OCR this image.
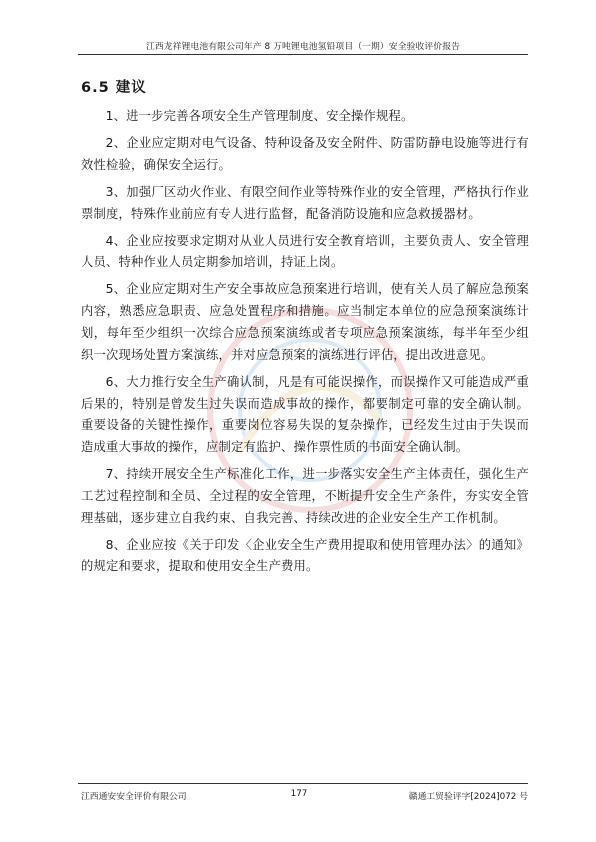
江西龙祥锂电池有限公司年产 8 万吨锂电池氢铅项目（一期）安全验收评价报告
6.5 建议

1、进一步完善各项安全生产管理制度、安全操作规程。

2、企业应定期对电气设备、特种设备及安全附件、防雷防静电设施等进行有效性检验，确保安全运行。

3、加强厂区动火作业、有限空间作业等特殊作业的安全管理，严格执行作业票制度，特殊作业前应有专人进行监督，配备消防设施和应急救援器材。

4、企业应按要求定期对从业人员进行安全教育培训，主要负责人、安全管理人员、特种作业人员定期参加培训，持证上岗。

5、企业应定期对生产安全事故应急预案进行培训，使有关人员了解应急预案内容，熟悉应急职责、应急处置程序和措施。应当制定本单位的应急预案演练计划，每年至少组织一次综合应急预案演练或者专项应急预案演练，每半年至少组织一次现场处置方案演练，并对应急预案的演练进行评估，提出改进意见。

6、大力推行安全生产确认制，凡是有可能误操作，而误操作又可能造成严重后果的，特别是曾发生过失误而造成事故的操作，都要制定可靠的安全确认制。重要设备的关键性操作，重要岗位容易失误的复杂操作，已经发生过由于失误而造成重大事故的操作，应制定有监护、操作票性质的书面安全确认制。

7、持续开展安全生产标准化工作，进一步落实安全生产主体责任，强化生产工艺过程控制和全员、全过程的安全管理，不断提升安全生产条件，夯实安全管理基础，逐步建立自我约束、自我完善、持续改进的企业安全生产工作机制。

8、企业应按《关于印发〈企业安全生产费用提取和使用管理办法〉的通知》的规定和要求，提取和使用安全生产费用。

江西通安安全评价有限公司	177	赣通工贸验评字[2024]072 号
